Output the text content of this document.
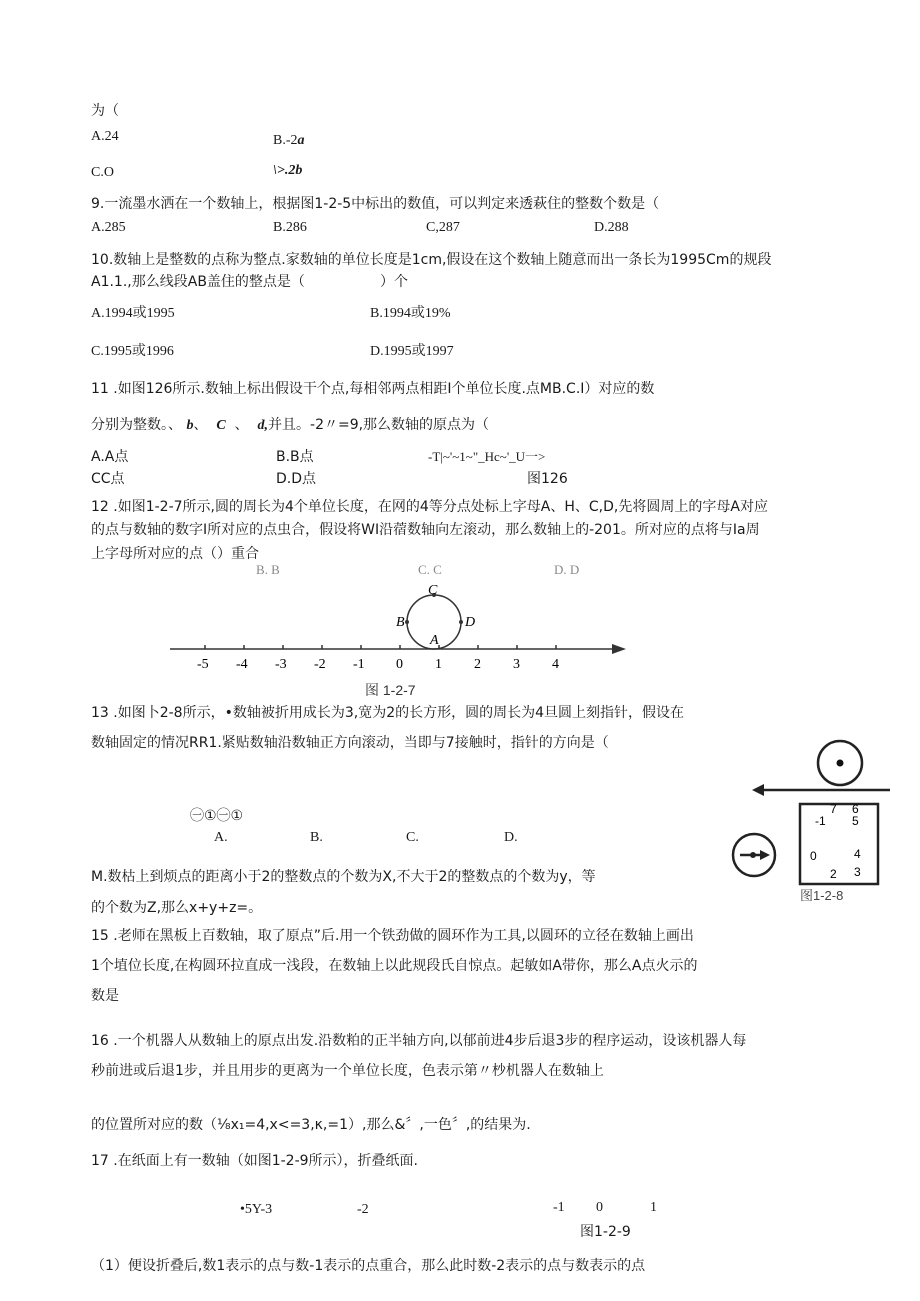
为（
A.24	B.-2a
C.O	\>.2b
9.一流墨水洒在一个数轴上，根据图1-2-5中标出的数值，可以判定来透萩住的整数个数是（
A.285	B.286	C,287	D.288
10.数轴上是整数的点称为整点.家数轴的单位长度是1cm,假设在这个数轴上随意而出一条长为1995Cm的规段
A1.1.,那么线段AB盖住的整点是（	）个
A.1994或1995	B.1994或19%
C.1995或1996	D.1995或1997
11 .如图126所示.数轴上标出假设干个点,每相邻两点相距I个单位长度.点MB.C.I）对应的数
分别为整数。、 b、 C 、 d,并且。-2〃=9,那么数轴的原点为（
A.A点	B.B点	-T|~'~1~"_Hc~'_U一>
CC点	D.D点	图126
12 .如图1-2-7所示,圆的周长为4个单位长度，在网的4等分点处标上字母A、H、C,D,先将圆周上的字母A对应
的点与数轴的数字I所对应的点虫合，假设将WI沿蓿数轴向左滚动，那么数轴上的-201。所对应的点将与Ia周
上字母所对应的点（）重合
B. B	C. C	D. D
C
B	D
A
-5 -4 -3 -2 -1 0 1 2 3 4
图 1-2-7
13 .如图卜2-8所示，•数轴被折用成长为3,宽为2的长方形，圆的周长为4旦圆上刻指针，假设在
数轴固定的情况RR1.紧贴数轴沿数轴正方向滚动，当即与7接触时，指针的方向是（
㊀①㊀①
A.	B.	C.	D.
7 6
-1 5
0	4
2 3
图1-2-8
M.数枯上到烦点的距离小于2的整数点的个数为X,不大于2的整数点的个数为y，等
的个数为Z,那么x+y+z=。
15 .老师在黑板上百数轴，取了原点”后.用一个铁劲做的圆环作为工具,以圆环的立径在数轴上画出
1个埴位长度,在构圆环拉直成一浅段，在数轴上以此规段氏自惊点。起敏如A带你，那么A点火示的
数是
16 .一个机器人从数轴上的原点出发.沿数粕的正半轴方向,以郁前进4步后退3步的程序运动，设该机器人每
秒前进或后退1步，并且用步的更离为一个单位长度，色表示第〃杪机器人在数轴上
的位置所对应的数（⅛x₁=4,x<=3,κ,=1）,那么&〞,一色〞,的结果为.
17 .在纸面上有一数轴（如图1-2-9所示），折叠纸面.
•5Y-3	-2	-1 0	1
图1-2-9
（1）便设折叠后,数1表示的点与数-1表示的点重合，那么此时数-2表示的点与数表示的点
